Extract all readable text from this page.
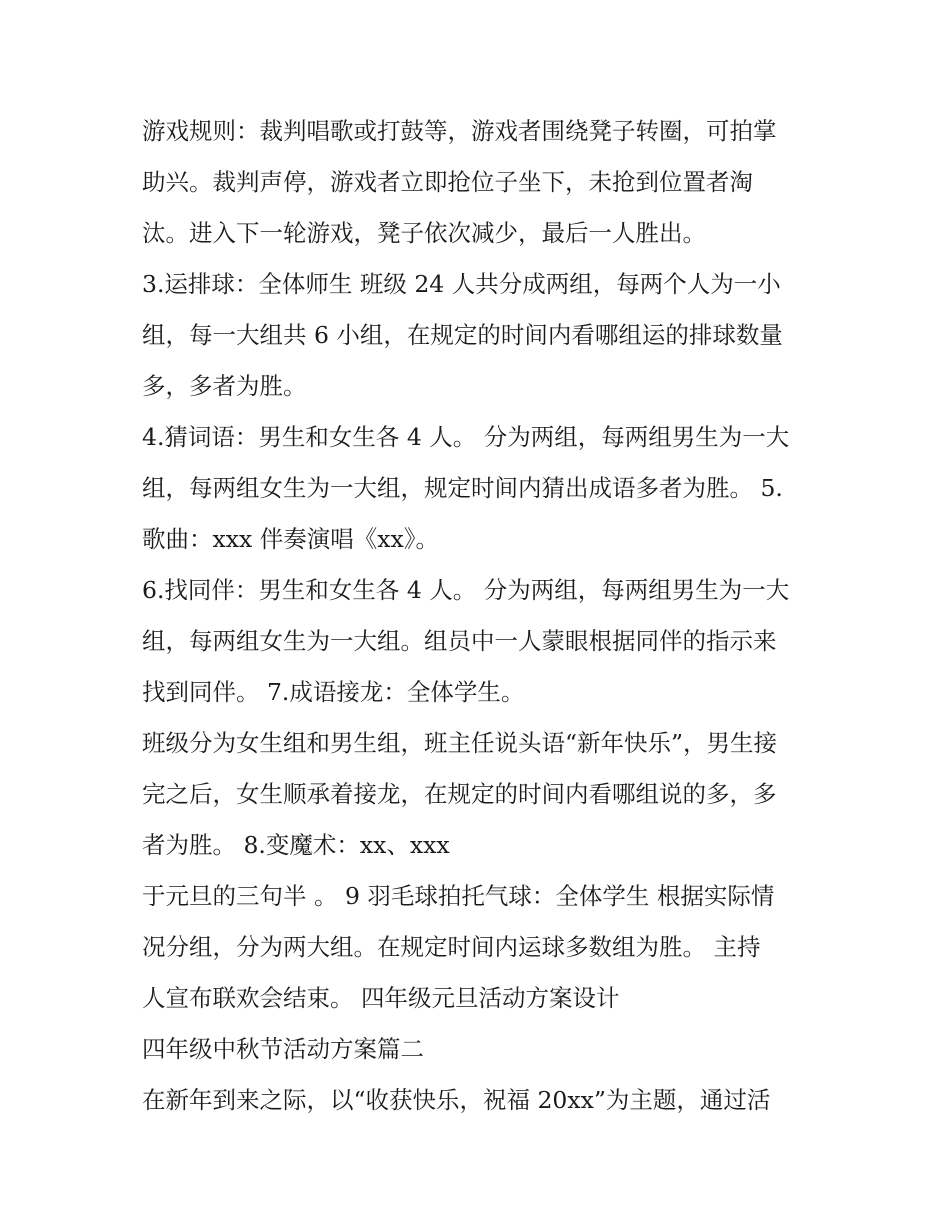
游戏规则：裁判唱歌或打鼓等，游戏者围绕凳子转圈，可拍掌
助兴。裁判声停，游戏者立即抢位子坐下，未抢到位置者淘
汰。进入下一轮游戏，凳子依次减少，最后一人胜出。
3.运排球：全体师生 班级 24 人共分成两组，每两个人为一小
组，每一大组共 6 小组，在规定的时间内看哪组运的排球数量
多，多者为胜。
4.猜词语：男生和女生各 4 人。 分为两组，每两组男生为一大
组，每两组女生为一大组，规定时间内猜出成语多者为胜。 5.
歌曲：xxx 伴奏演唱《xx》。
6.找同伴：男生和女生各 4 人。 分为两组，每两组男生为一大
组，每两组女生为一大组。组员中一人蒙眼根据同伴的指示来
找到同伴。 7.成语接龙：全体学生。
班级分为女生组和男生组，班主任说头语“新年快乐”，男生接
完之后，女生顺承着接龙，在规定的时间内看哪组说的多，多
者为胜。 8.变魔术：xx、xxx
于元旦的三句半 。 9 羽毛球拍托气球：全体学生 根据实际情
况分组，分为两大组。在规定时间内运球多数组为胜。 主持
人宣布联欢会结束。 四年级元旦活动方案设计
四年级中秋节活动方案篇二
在新年到来之际，以“收获快乐，祝福 20xx”为主题，通过活
